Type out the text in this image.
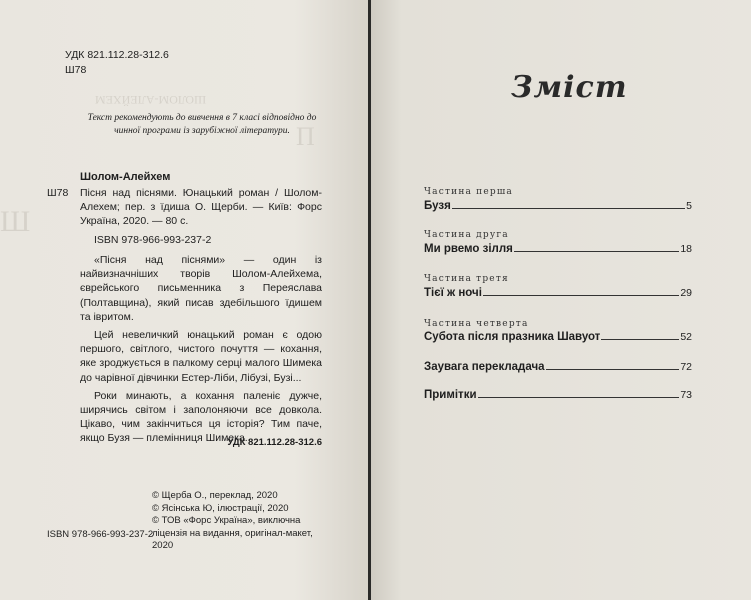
ШОЛОМ-АЛЕЙХЕМ
П
Ш
УДК 821.112.28-312.6
Ш78
Текст рекомендують до вивчення в 7 класі відповідно до чинної програми із зарубіжної літератури.
Шолом-Алейхем
Ш78 Пісня над піснями. Юнацький роман / Шолом-Алехем; пер. з їдиша О. Щерби. — Київ: Форс Україна, 2020. — 80 с.
ISBN 978-966-993-237-2

«Пісня над піснями» — один із найвизначніших творів Шолом-Алейхема, єврейського письменника з Переяслава (Полтавщина), який писав здебільшого їдишем та івритом.

Цей невеличкий юнацький роман є одою першого, світлого, чистого почуття — кохання, яке зроджується в палкому серці малого Шимека до чарівної дівчинки Естер-Ліби, Лібузі, Бузі...

Роки минають, а кохання паленіє дужче, ширячись світом і заполоняючи все довкола. Цікаво, чим закінчиться ця історія? Тим паче, якщо Бузя — племінниця Шимека...

УДК 821.112.28-312.6
© Щерба О., переклад, 2020
© Ясінська Ю, ілюстрації, 2020
© ТОВ «Форс Україна», виключна ліцензія на видання, оригінал-макет, 2020
ISBN 978-966-993-237-2
Зміст
Частина перша
Бузя	5
Частина друга
Ми рвемо зілля	18
Частина третя
Тієї ж ночі	29
Частина четверта
Субота після празника Шавуот	52
Заувага перекладача	72
Примітки	73
